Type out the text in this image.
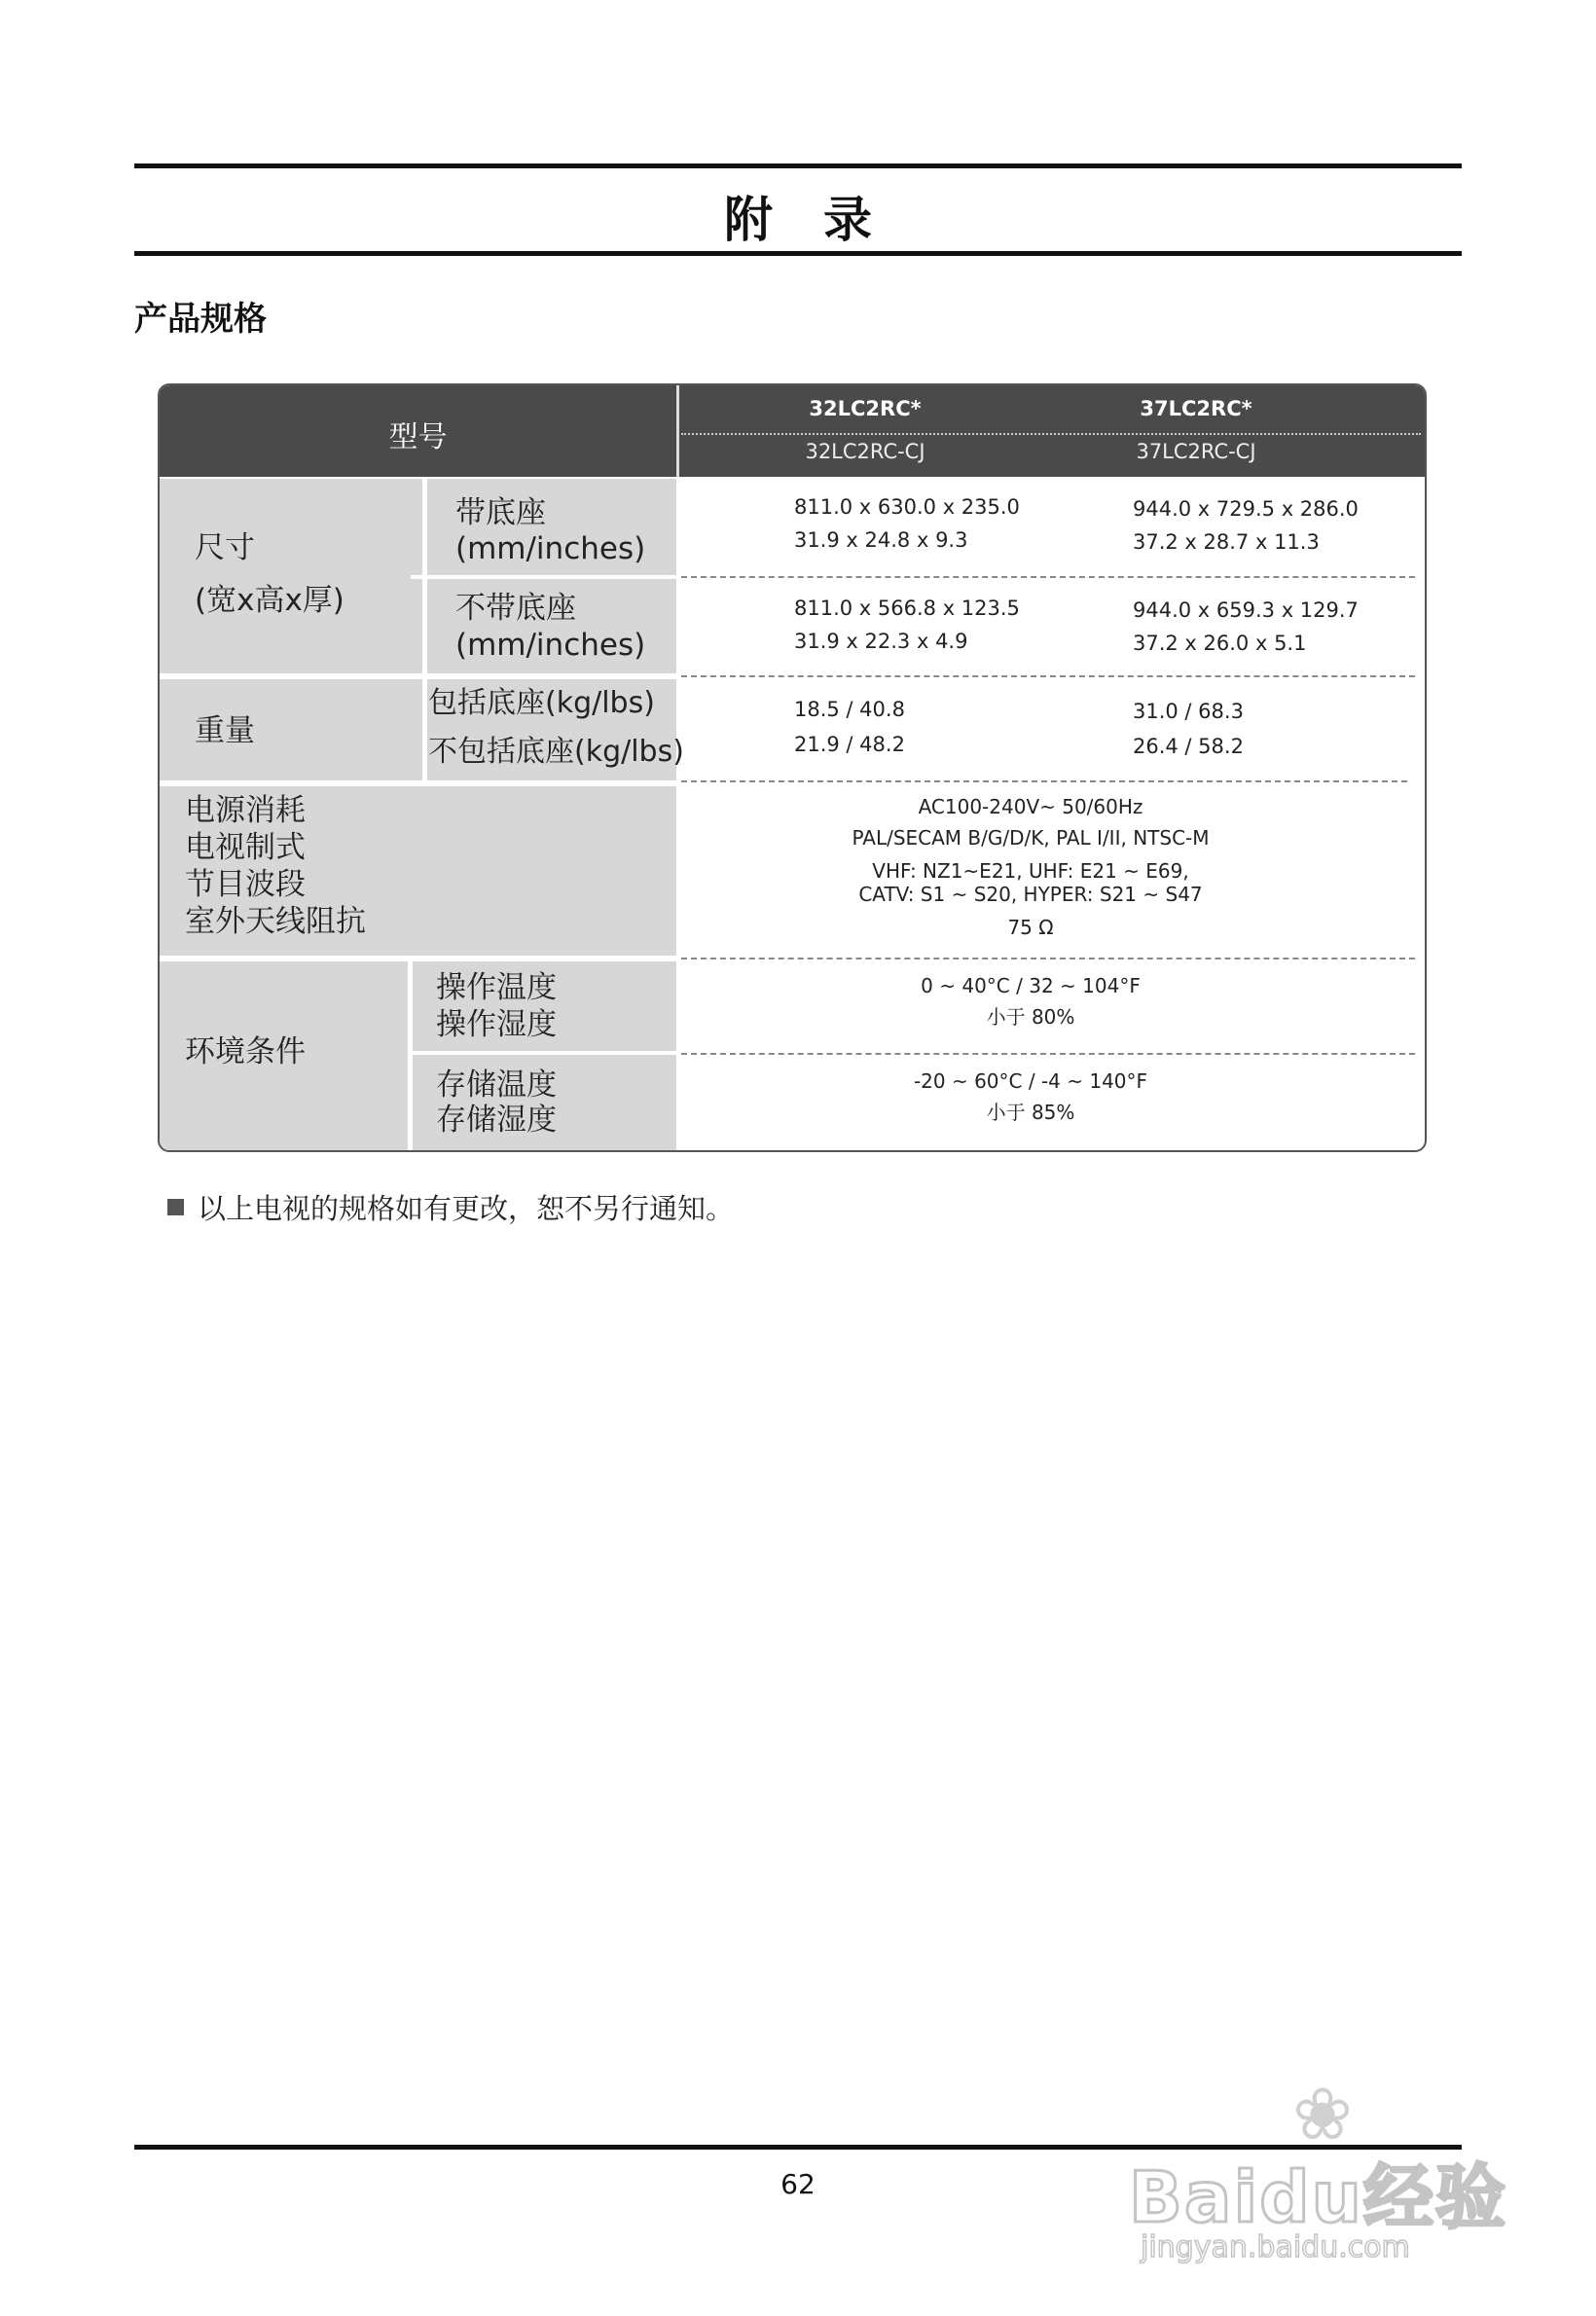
附录
产品规格
型号
32LC2RC*	37LC2RC*
32LC2RC-CJ	37LC2RC-CJ
尺寸
(宽x高x厚)
带底座
(mm/inches)
不带底座
(mm/inches)
811.0 x 630.0 x 235.0
31.9 x 24.8 x 9.3
944.0 x 729.5 x 286.0
37.2 x 28.7 x 11.3
811.0 x 566.8 x 123.5
31.9 x 22.3 x 4.9
944.0 x 659.3 x 129.7
37.2 x 26.0 x 5.1
重量
包括底座(kg/lbs)
不包括底座(kg/lbs)
18.5 / 40.8
21.9 / 48.2
31.0 / 68.3
26.4 / 58.2
电源消耗
电视制式
节目波段
室外天线阻抗
AC100-240V~ 50/60Hz
PAL/SECAM B/G/D/K, PAL I/II, NTSC-M
VHF: NZ1~E21, UHF: E21 ~ E69,
CATV: S1 ~ S20, HYPER: S21 ~ S47
75 Ω
环境条件
操作温度
操作湿度
存储温度
存储湿度
0 ~ 40°C / 32 ~ 104°F
小于 80%
-20 ~ 60°C / -4 ~ 140°F
小于 85%
以上电视的规格如有更改，恕不另行通知。
62
❀
Baidu经验
jingyan.baidu.com
